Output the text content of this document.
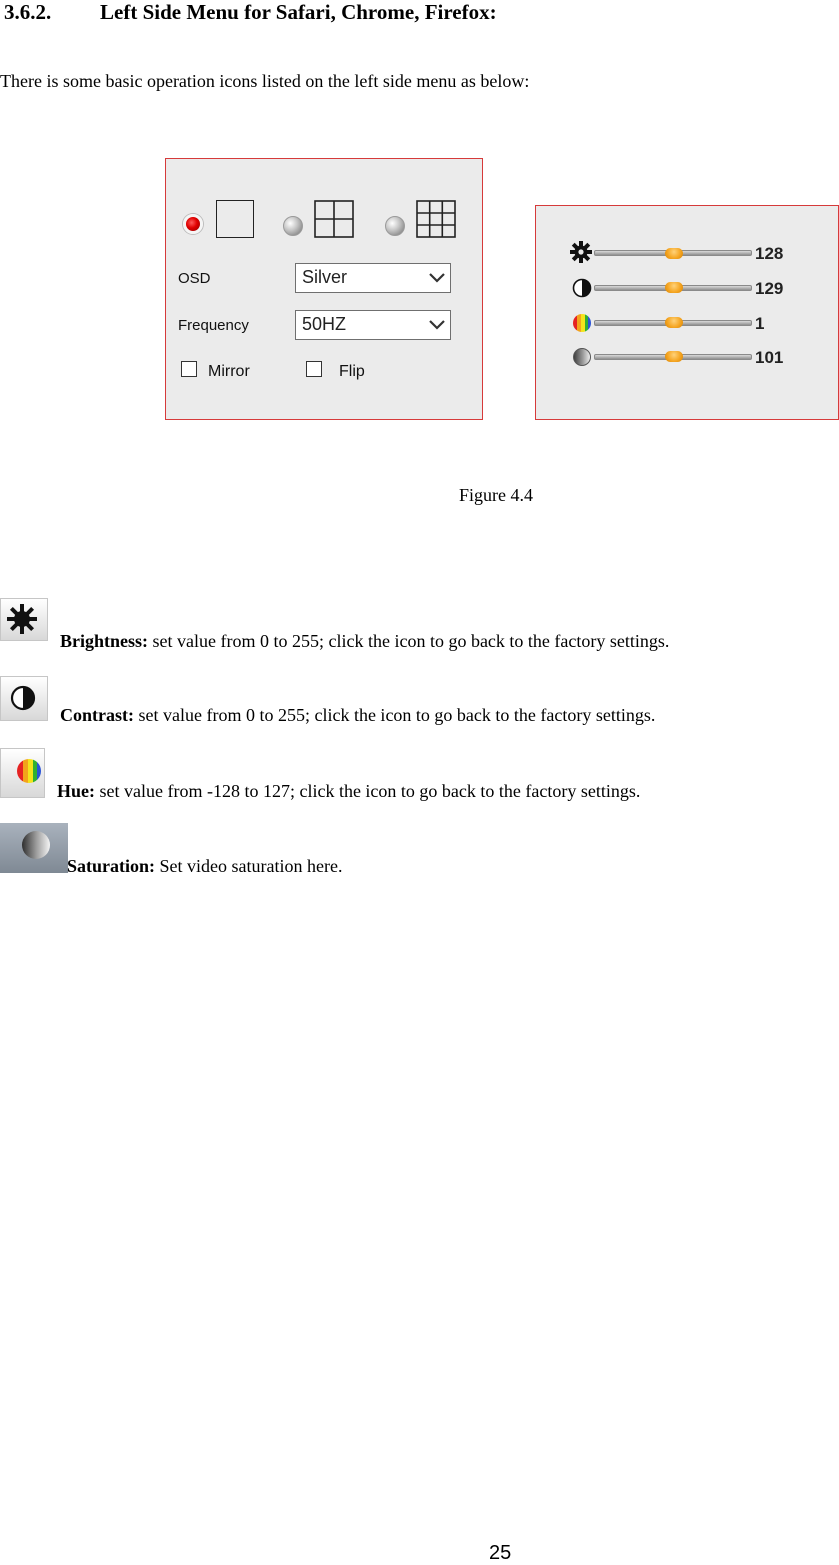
3.6.2. Left Side Menu for Safari, Chrome, Firefox:
There is some basic operation icons listed on the left side menu as below:
OSD	Silver
Frequency	50HZ
Mirror	Flip
128
129
1
101
Figure 4.4
Brightness: set value from 0 to 255; click the icon to go back to the factory settings.
Contrast: set value from 0 to 255; click the icon to go back to the factory settings.
Hue: set value from -128 to 127; click the icon to go back to the factory settings.
Saturation: Set video saturation here.
25
